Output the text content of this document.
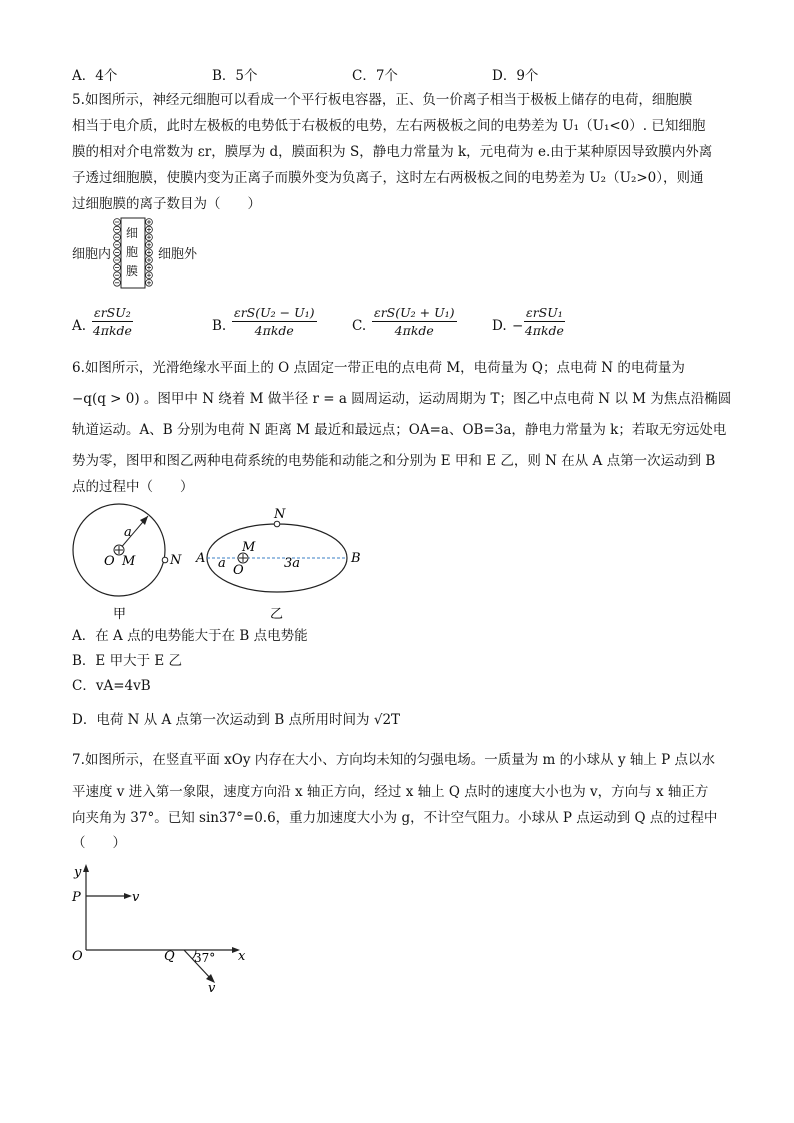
A．4个	B．5个	C．7个	D．9个
5.如图所示，神经元细胞可以看成一个平行板电容器，正、负一价离子相当于极板上储存的电荷，细胞膜
相当于电介质，此时左极板的电势低于右极板的电势，左右两极板之间的电势差为 U₁（U₁<0）. 已知细胞
膜的相对介电常数为 εr，膜厚为 d，膜面积为 S，静电力常量为 k，元电荷为 e.由于某种原因导致膜内外离
子透过细胞膜，使膜内变为正离子而膜外变为负离子，这时左右两极板之间的电势差为 U₂（U₂>0），则通
过细胞膜的离子数目为（　　）
细胞内	细胞外
细
胞
膜
A.
εrSU₂
4πkde	B.
εrS(U₂ − U₁)
4πkde	C.
εrS(U₂ + U₁)
4πkde	D. −
εrSU₁
4πkde
6.如图所示，光滑绝缘水平面上的 O 点固定一带正电的点电荷 M，电荷量为 Q；点电荷 N 的电荷量为
−q(q > 0) 。图甲中 N 绕着 M 做半径 r = a 圆周运动，运动周期为 T；图乙中点电荷 N 以 M 为焦点沿椭圆
轨道运动。A、B 分别为电荷 N 距离 M 最近和最远点；OA=a、OB=3a，静电力常量为 k；若取无穷远处电
势为零，图甲和图乙两种电荷系统的电势能和动能之和分别为 E 甲和 E 乙，则 N 在从 A 点第一次运动到 B
点的过程中（　　）
a
O M	N
甲
N
M
A	B
a O	3a
乙
A．在 A 点的电势能大于在 B 点电势能
B．E 甲大于 E 乙
C．vA=4vB
D．电荷 N 从 A 点第一次运动到 B 点所用时间为 √2T
7.如图所示，在竖直平面 xOy 内存在大小、方向均未知的匀强电场。一质量为 m 的小球从 y 轴上 P 点以水
平速度 v 进入第一象限，速度方向沿 x 轴正方向，经过 x 轴上 Q 点时的速度大小也为 v，方向与 x 轴正方
向夹角为 37°。已知 sin37°=0.6，重力加速度大小为 g，不计空气阻力。小球从 P 点运动到 Q 点的过程中
（　　）
y
P	v
O	Q 37° x
v
